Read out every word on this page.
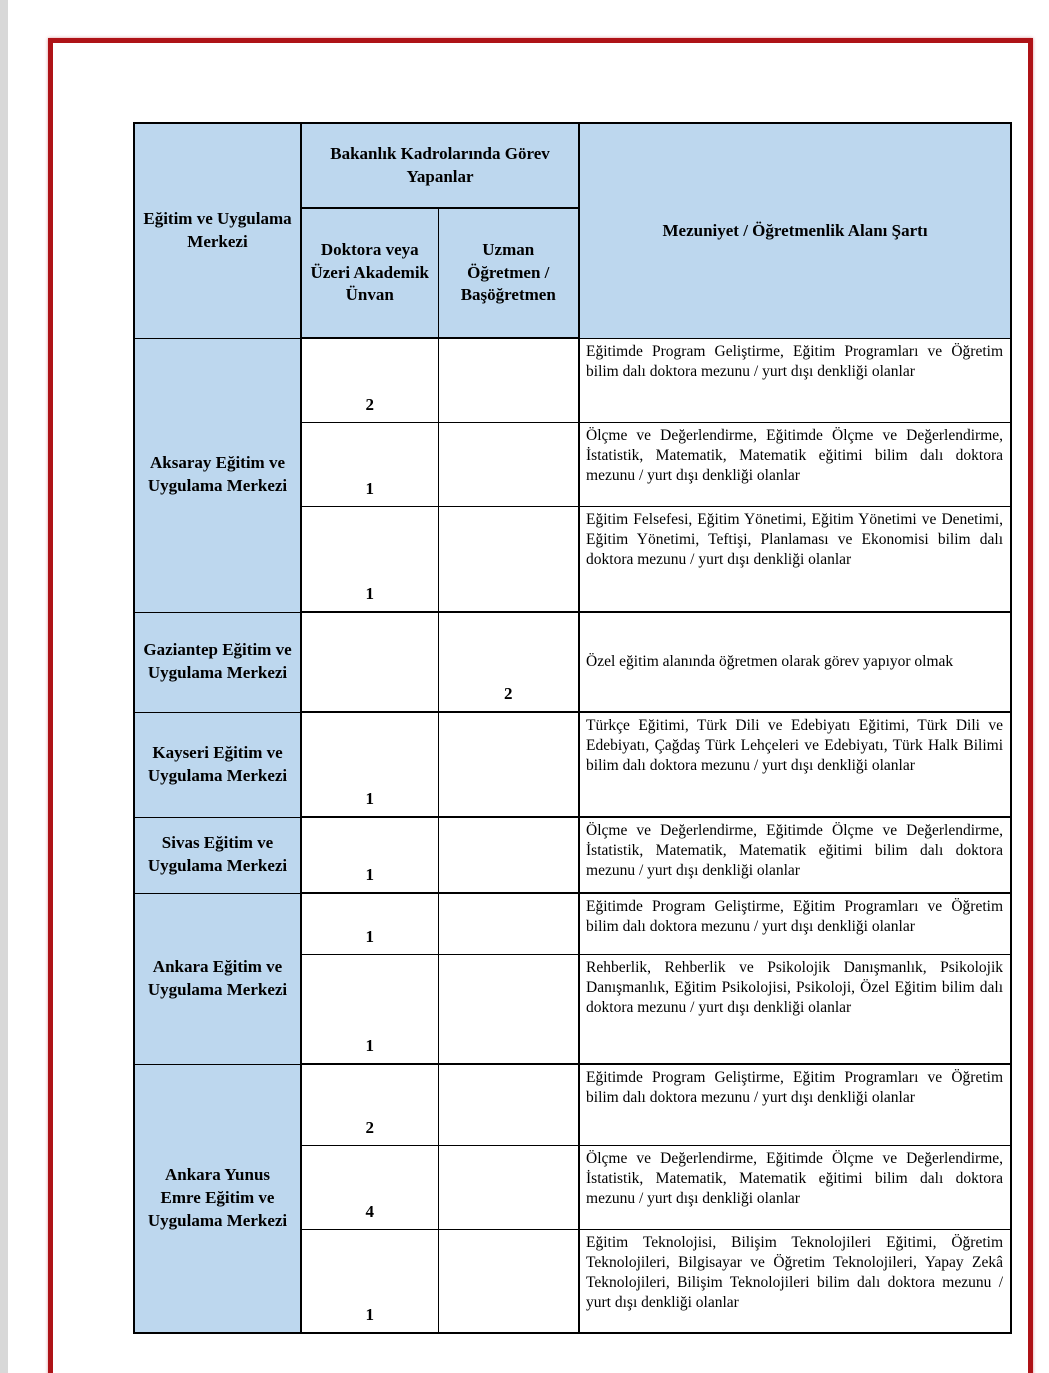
Eğitim ve Uygulama Merkezi	Bakanlık Kadrolarında Görev Yapanlar		Mezuniyet / Öğretmenlik Alanı Şartı
	Doktora veya Üzeri Akademik Ünvan	Uzman Öğretmen / Başöğretmen	
Aksaray Eğitim ve Uygulama Merkezi	2		Eğitimde Program Geliştirme, Eğitim Programları ve Öğretim bilim dalı doktora mezunu / yurt dışı denkliği olanlar
	1		Ölçme ve Değerlendirme, Eğitimde Ölçme ve Değerlendirme, İstatistik, Matematik, Matematik eğitimi bilim dalı doktora mezunu / yurt dışı denkliği olanlar
	1		Eğitim Felsefesi, Eğitim Yönetimi, Eğitim Yönetimi ve Denetimi, Eğitim Yönetimi, Teftişi, Planlaması ve Ekonomisi bilim dalı doktora mezunu / yurt dışı denkliği olanlar
Gaziantep Eğitim ve Uygulama Merkezi		2	Özel eğitim alanında öğretmen olarak görev yapıyor olmak
Kayseri Eğitim ve Uygulama Merkezi	1		Türkçe Eğitimi, Türk Dili ve Edebiyatı Eğitimi, Türk Dili ve Edebiyatı, Çağdaş Türk Lehçeleri ve Edebiyatı, Türk Halk Bilimi bilim dalı doktora mezunu / yurt dışı denkliği olanlar
Sivas Eğitim ve Uygulama Merkezi	1		Ölçme ve Değerlendirme, Eğitimde Ölçme ve Değerlendirme, İstatistik, Matematik, Matematik eğitimi bilim dalı doktora mezunu / yurt dışı denkliği olanlar
Ankara Eğitim ve Uygulama Merkezi	1		Eğitimde Program Geliştirme, Eğitim Programları ve Öğretim bilim dalı doktora mezunu / yurt dışı denkliği olanlar
	1		Rehberlik, Rehberlik ve Psikolojik Danışmanlık, Psikolojik Danışmanlık, Eğitim Psikolojisi, Psikoloji, Özel Eğitim bilim dalı doktora mezunu / yurt dışı denkliği olanlar
Ankara Yunus Emre Eğitim ve Uygulama Merkezi	2		Eğitimde Program Geliştirme, Eğitim Programları ve Öğretim bilim dalı doktora mezunu / yurt dışı denkliği olanlar
	4		Ölçme ve Değerlendirme, Eğitimde Ölçme ve Değerlendirme, İstatistik, Matematik, Matematik eğitimi bilim dalı doktora mezunu / yurt dışı denkliği olanlar
	1		Eğitim Teknolojisi, Bilişim Teknolojileri Eğitimi, Öğretim Teknolojileri, Bilgisayar ve Öğretim Teknolojileri, Yapay Zekâ Teknolojileri, Bilişim Teknolojileri bilim dalı doktora mezunu / yurt dışı denkliği olanlar
